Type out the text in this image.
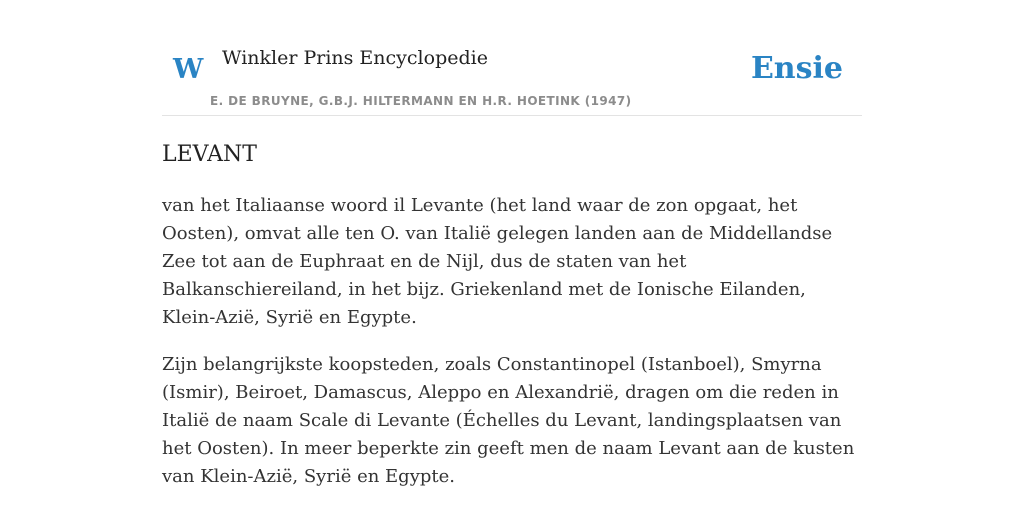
W Winkler Prins Encyclopedie
E. DE BRUYNE, G.B.J. HILTERMANN EN H.R. HOETINK (1947)
Ensie
LEVANT

van het Italiaanse woord il Levante (het land waar de zon opgaat, het Oosten), omvat alle ten O. van Italië gelegen landen aan de Middellandse Zee tot aan de Euphraat en de Nijl, dus de staten van het Balkanschiereiland, in het bijz. Griekenland met de Ionische Eilanden, Klein-Azië, Syrië en Egypte.

Zijn belangrijkste koopsteden, zoals Constantinopel (Istanboel), Smyrna (Ismir), Beiroet, Damascus, Aleppo en Alexandrië, dragen om die reden in Italië de naam Scale di Levante (Échelles du Levant, landingsplaatsen van het Oosten). In meer beperkte zin geeft men de naam Levant aan de kusten van Klein-Azië, Syrië en Egypte.
